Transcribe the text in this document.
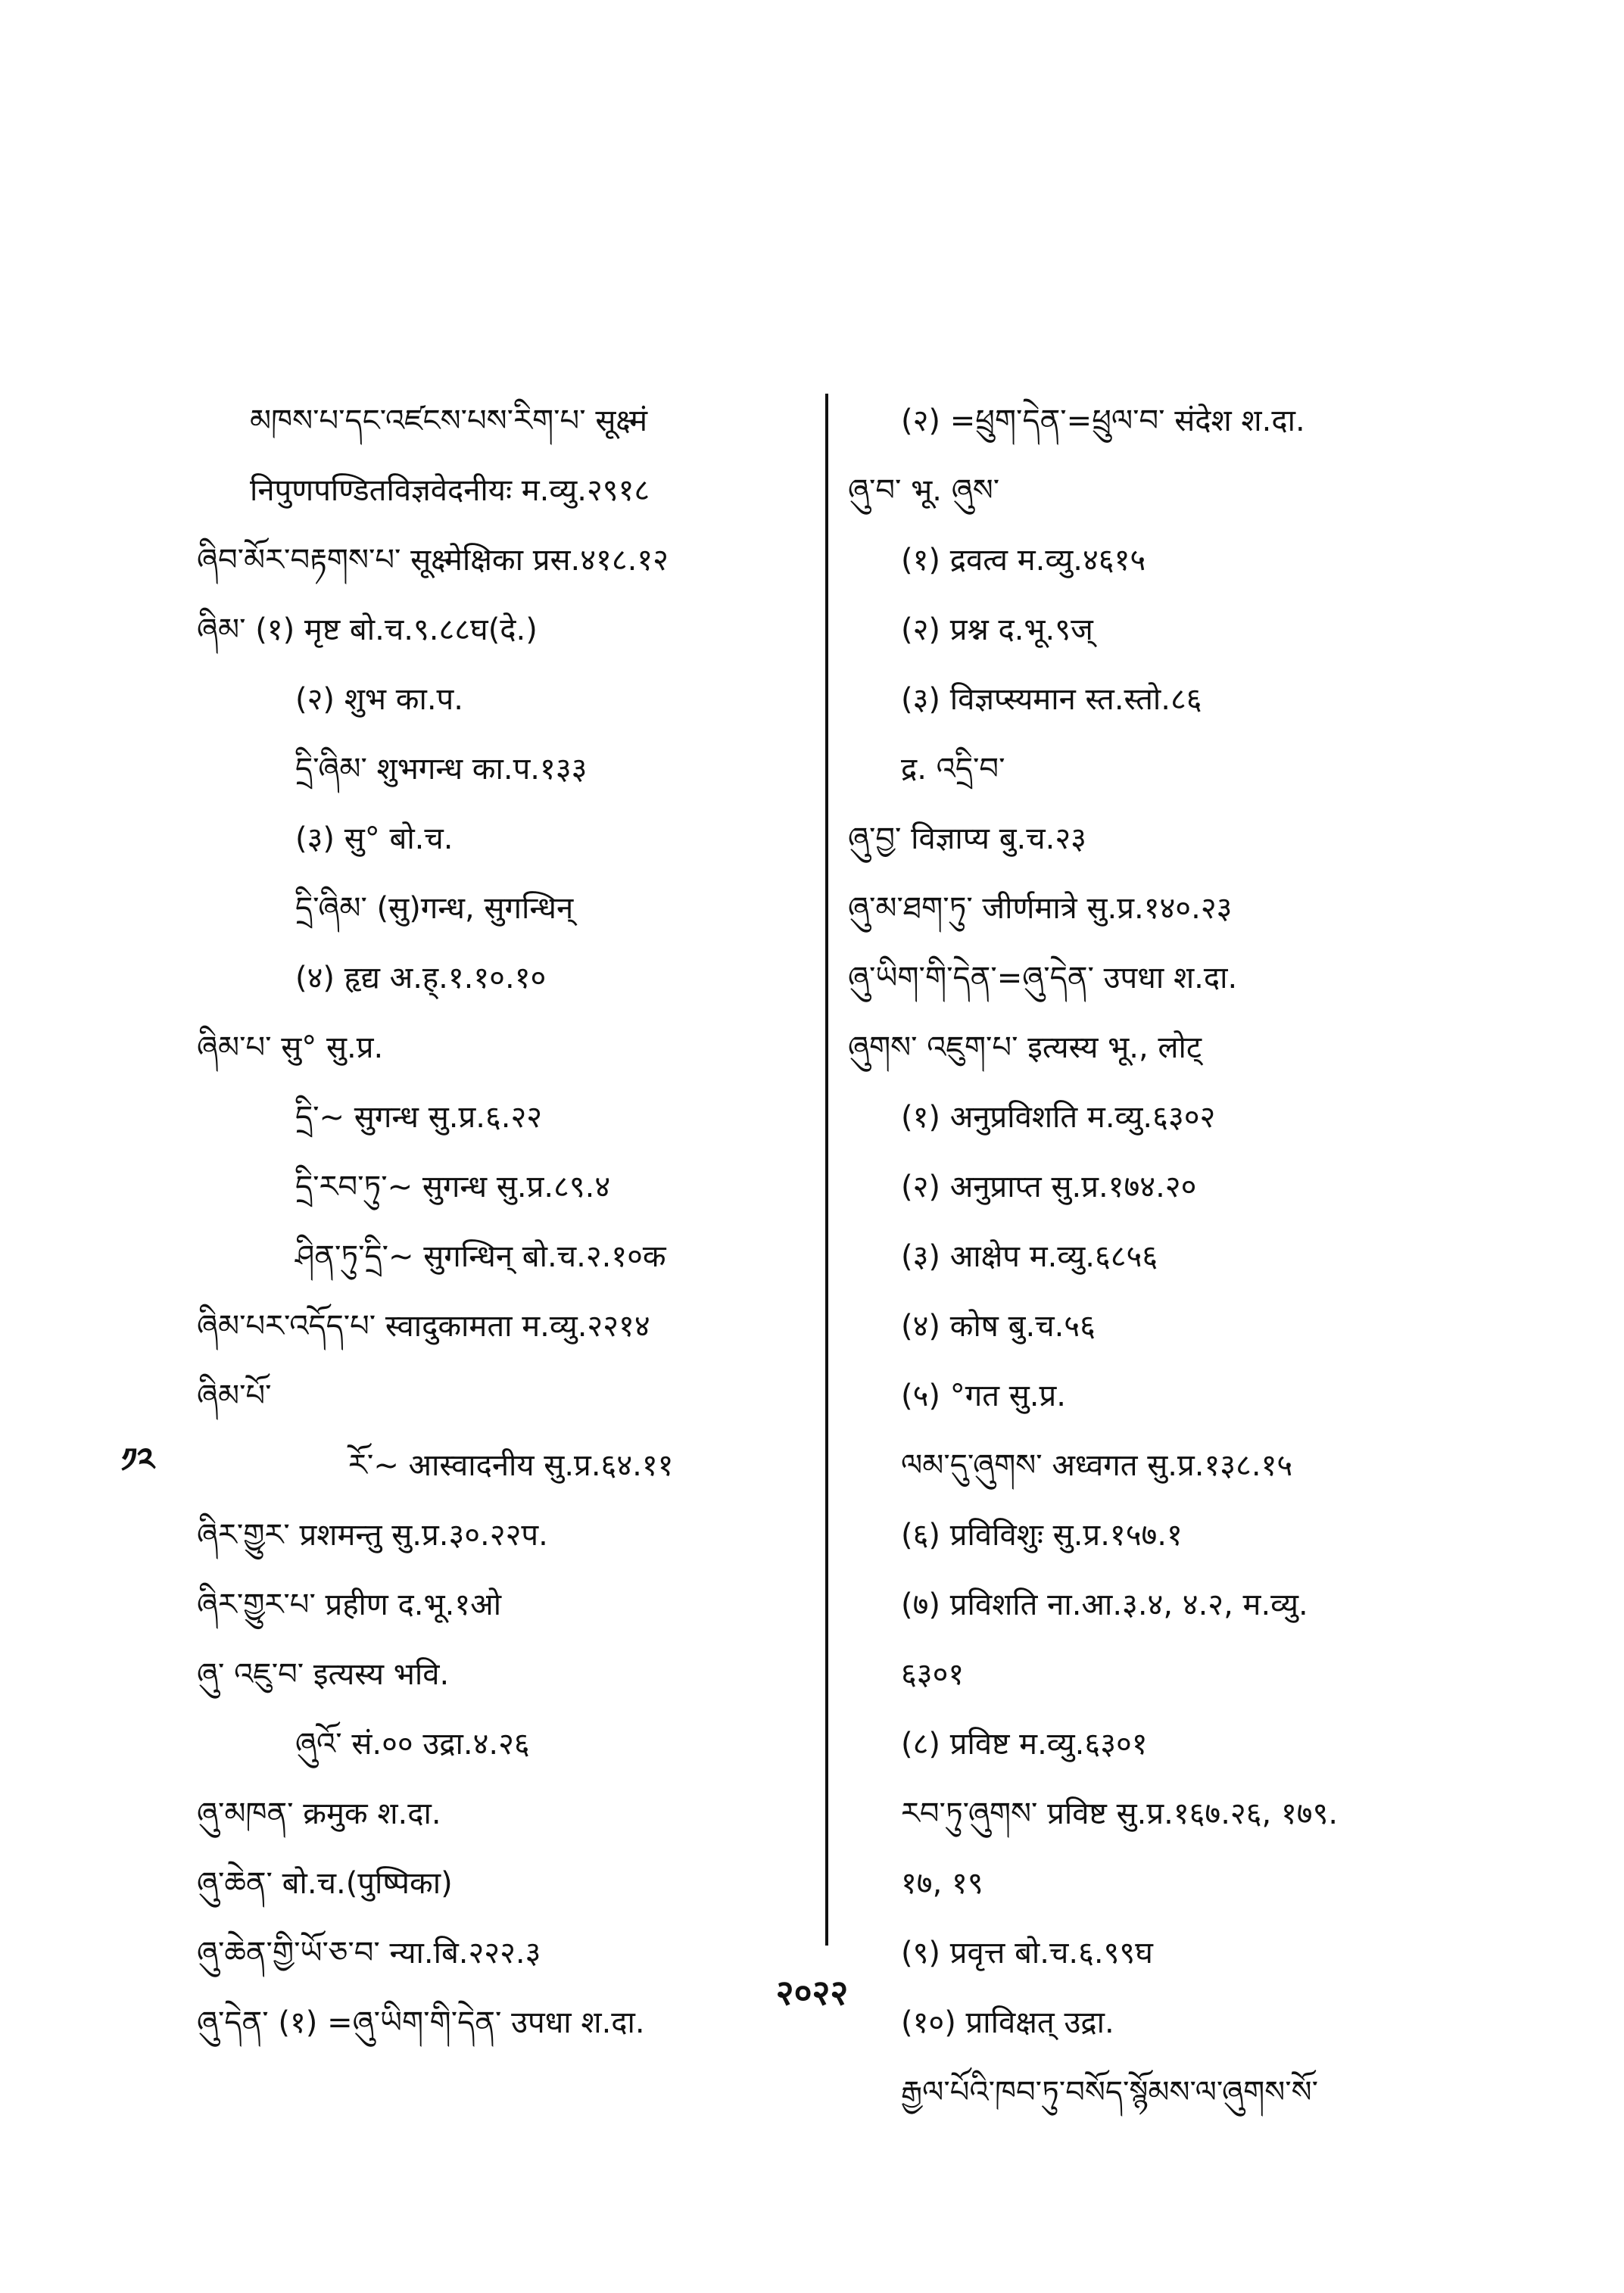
མཁས་པ་དང་འཛངས་པས་རིག་པ་ सूक्ष्मं
निपुणपण्डितविज्ञवेदनीयः म.व्यु.२९१८
ཞིབ་མོར་བརྟགས་པ་ सूक्ष्मेक्षिका प्रस.४१८.१२
ཞིམ་ (१) मृष्ट बो.च.९.८८घ(दे.)
(२) शुभ का.प.
དྲི་ཞིམ་ शुभगन्ध का.प.१३३
(३) सु° बो.च.
དྲི་ཞིམ་ (सु)गन्ध, सुगन्धिन्
(४) हृद्य अ.ह्.१.१०.१०
ཞིམ་པ་ सु° सु.प्र.
དྲི་~ सुगन्ध सु.प्र.६.२२
དྲི་རབ་ཏུ་~ सुगन्ध सु.प्र.८९.४
ཤིན་ཏུ་དྲི་~ सुगन्धिन् बो.च.२.१०क
ཞིམ་པར་འདོད་པ་ स्वादुकामता म.व्यु.२२१४
ཞིམ་པོ་
རོ་~ आस्वादनीय सु.प्र.६४.११
ཞིར་གྱུར་ प्रशमन्तु सु.प्र.३०.२२प.
ཞིར་གྱུར་པ་ प्रहीण द.भू.१ओ
ཞུ་ འཇུ་བ་ इत्यस्य भवि.
ཞུའོ་ सं.०० उद्रा.४.२६
ཞུ་མཁན་ क्रमुक श.दा.
ཞུ་ཆེན་ बो.च.(पुष्पिका)
ཞུ་ཆེན་གྱི་ཡོ་ཅ་བ་ न्या.बि.२२२.३
ཞུ་དེན་ (१) =ཞུ་ཡིག་གི་དེན་ उपधा श.दा.
(२) =ཕྲུག་དེན་=ཕྲུལ་བ་ संदेश श.दा.
ཞུ་བ་ भू. ཞུས་
(१) द्रवत्व म.व्यु.४६१५
(२) प्रश्न द.भू.९ज्
(३) विज्ञप्स्यमान स्त.स्तो.८६
द्र. འདྲི་བ་
ཞུ་བྱ་ विज्ञाप्य बु.च.२३
ཞུ་མ་ཐག་ཏུ་ जीर्णमात्रे सु.प्र.१४०.२३
ཞུ་ཡིག་གི་དེན་=ཞུ་དེན་ उपधा श.दा.
ཞུགས་ འཇུག་པ་ इत्यस्य भू., लोट्
(१) अनुप्रविशति म.व्यु.६३०२
(२) अनुप्राप्त सु.प्र.१७४.२०
(३) आक्षेप म.व्यु.६८५६
(४) कोष बु.च.५६
(५) °गत सु.प्र.
ལམ་དུ་ཞུགས་ अध्वगत सु.प्र.१३८.१५
(६) प्रविविशुः सु.प्र.१५७.१
(७) प्रविशति ना.आ.३.४, ४.२, म.व्यु.
६३०१
(८) प्रविष्ट म.व्यु.६३०१
རབ་ཏུ་ཞུགས་ प्रविष्ट सु.प्र.१६७.२६, १७९.
१७, १९
(९) प्रवृत्त बो.च.६.९९घ
(१०) प्राविक्षत् उद्रा.
རྒྱལ་པོའི་ཁབ་ཏུ་བསོད་སྙོམས་ལ་ཞུགས་སོ་
༡༢
२०२२
